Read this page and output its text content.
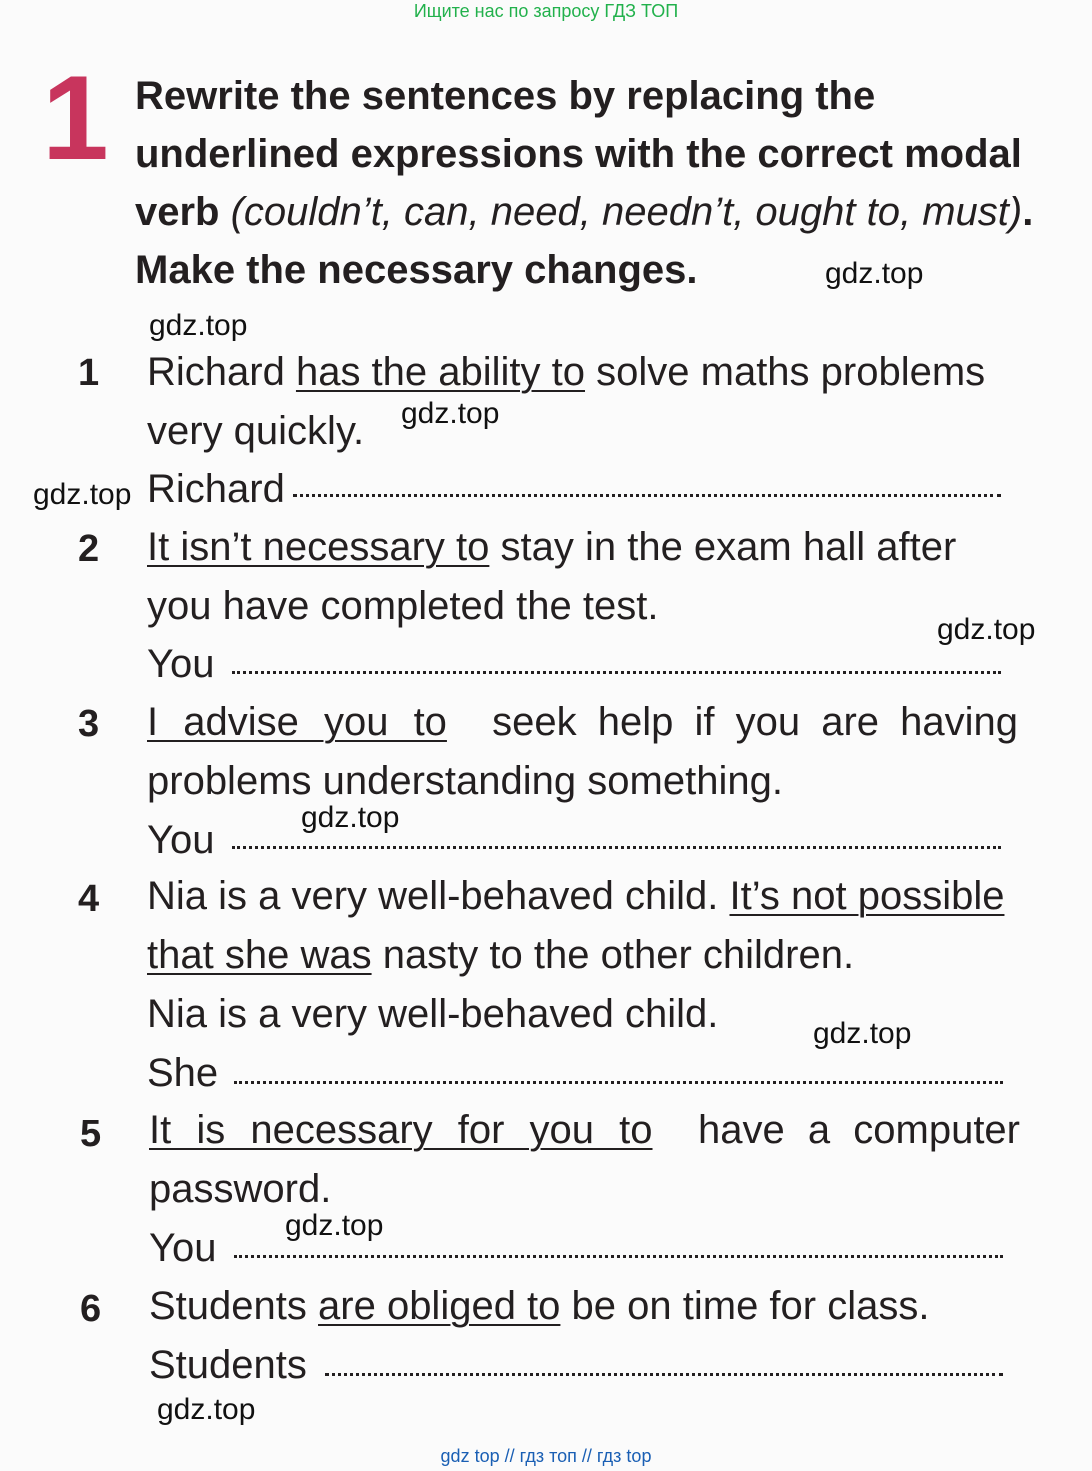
Ищите нас по запросу ГДЗ ТОП
1 Rewrite the sentences by replacing the
underlined expressions with the correct modal
verb (couldn’t, can, need, needn’t, ought to, must).
Make the necessary changes.
1 Richard has the ability to solve maths problems
very quickly.
Richard
2 It isn’t necessary to stay in the exam hall after
you have completed the test.
You
3 I advise you to seek help if you are having
problems understanding something.
You
4 Nia is a very well-behaved child. It’s not possible
that she was nasty to the other children.
Nia is a very well-behaved child.
She
5 It is necessary for you to have a computer
password.
You
6 Students are obliged to be on time for class.
Students
gdz.top
gdz.top
gdz.top
gdz.top
gdz.top
gdz.top
gdz.top
gdz.top
gdz.top
gdz top // гдз топ // гдз top
